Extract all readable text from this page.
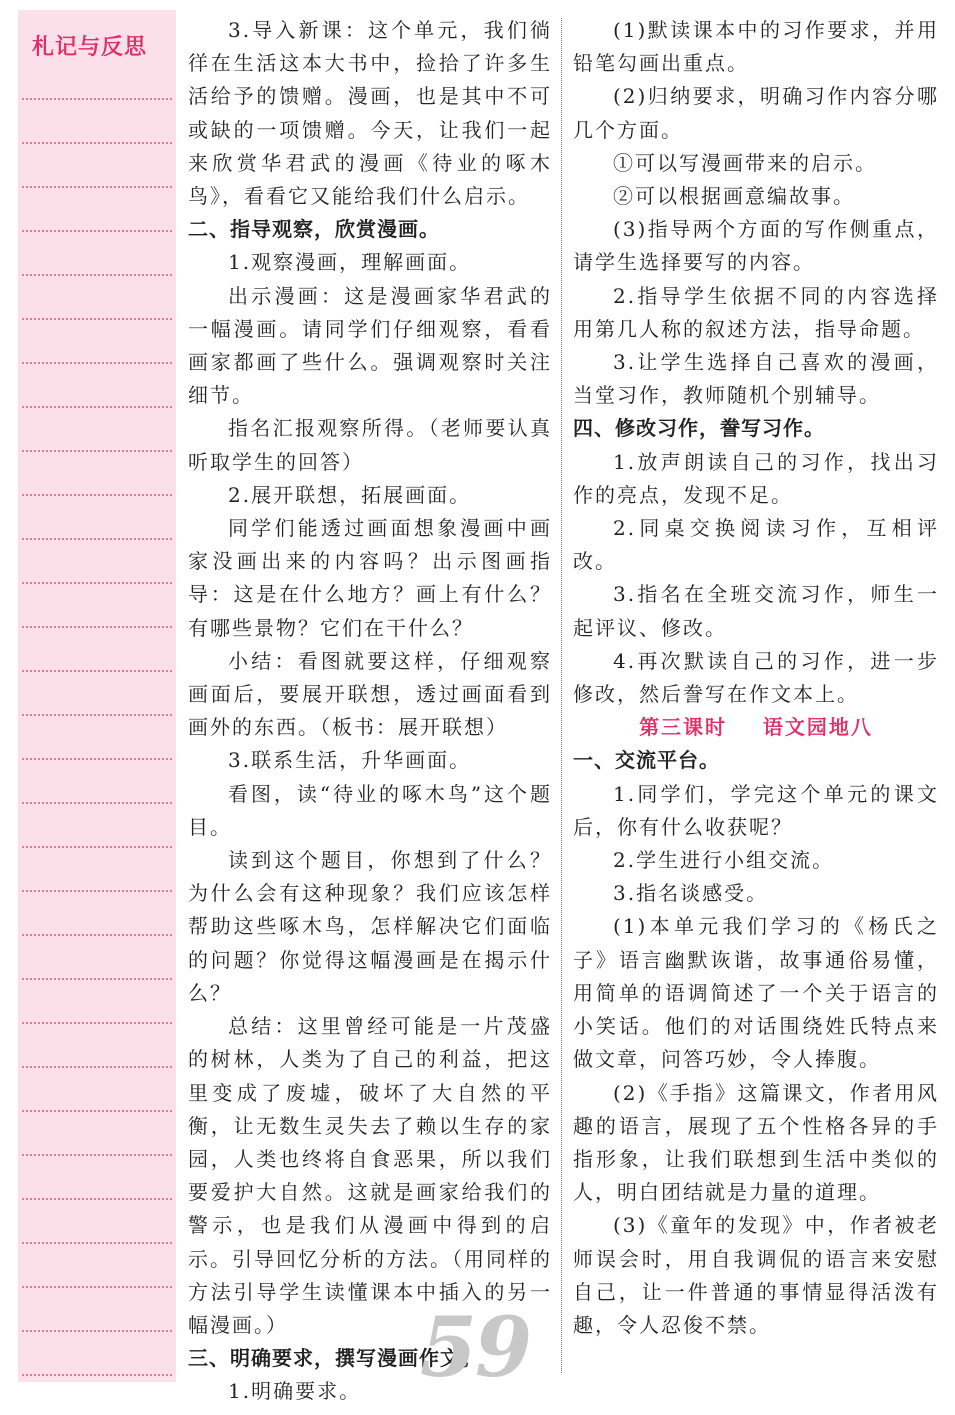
札记与反思

3.导入新课：这个单元，我们徜徉在生活这本大书中，捡拾了许多生活给予的馈赠。漫画，也是其中不可或缺的一项馈赠。今天，让我们一起来欣赏华君武的漫画《待业的啄木鸟》，看看它又能给我们什么启示。

二、指导观察，欣赏漫画。

1.观察漫画，理解画面。

出示漫画：这是漫画家华君武的一幅漫画。请同学们仔细观察，看看画家都画了些什么。强调观察时关注细节。

指名汇报观察所得。（老师要认真听取学生的回答）

2.展开联想，拓展画面。

同学们能透过画面想象漫画中画家没画出来的内容吗？出示图画指导：这是在什么地方？画上有什么？有哪些景物？它们在干什么？

小结：看图就要这样，仔细观察画面后，要展开联想，透过画面看到画外的东西。（板书：展开联想）

3.联系生活，升华画面。

看图，读“待业的啄木鸟”这个题目。

读到这个题目，你想到了什么？为什么会有这种现象？我们应该怎样帮助这些啄木鸟，怎样解决它们面临的问题？你觉得这幅漫画是在揭示什么？

总结：这里曾经可能是一片茂盛的树林，人类为了自己的利益，把这里变成了废墟，破坏了大自然的平衡，让无数生灵失去了赖以生存的家园，人类也终将自食恶果，所以我们要爱护大自然。这就是画家给我们的警示，也是我们从漫画中得到的启示。引导回忆分析的方法。（用同样的方法引导学生读懂课本中插入的另一幅漫画。）

三、明确要求，撰写漫画作文。

1.明确要求。

(1)默读课本中的习作要求，并用铅笔勾画出重点。

(2)归纳要求，明确习作内容分哪几个方面。

①可以写漫画带来的启示。

②可以根据画意编故事。

(3)指导两个方面的写作侧重点，请学生选择要写的内容。

2.指导学生依据不同的内容选择用第几人称的叙述方法，指导命题。

3.让学生选择自己喜欢的漫画，当堂习作，教师随机个别辅导。

四、修改习作，誊写习作。

1.放声朗读自己的习作，找出习作的亮点，发现不足。

2.同桌交换阅读习作，互相评改。

3.指名在全班交流习作，师生一起评议、修改。

4.再次默读自己的习作，进一步修改，然后誊写在作文本上。

第三课时    语文园地八

一、交流平台。

1.同学们，学完这个单元的课文后，你有什么收获呢？

2.学生进行小组交流。

3.指名谈感受。

(1)本单元我们学习的《杨氏之子》语言幽默诙谐，故事通俗易懂，用简单的语调简述了一个关于语言的小笑话。他们的对话围绕姓氏特点来做文章，问答巧妙，令人捧腹。

(2)《手指》这篇课文，作者用风趣的语言，展现了五个性格各异的手指形象，让我们联想到生活中类似的人，明白团结就是力量的道理。

(3)《童年的发现》中，作者被老师误会时，用自我调侃的语言来安慰自己，让一件普通的事情显得活泼有趣，令人忍俊不禁。

59
